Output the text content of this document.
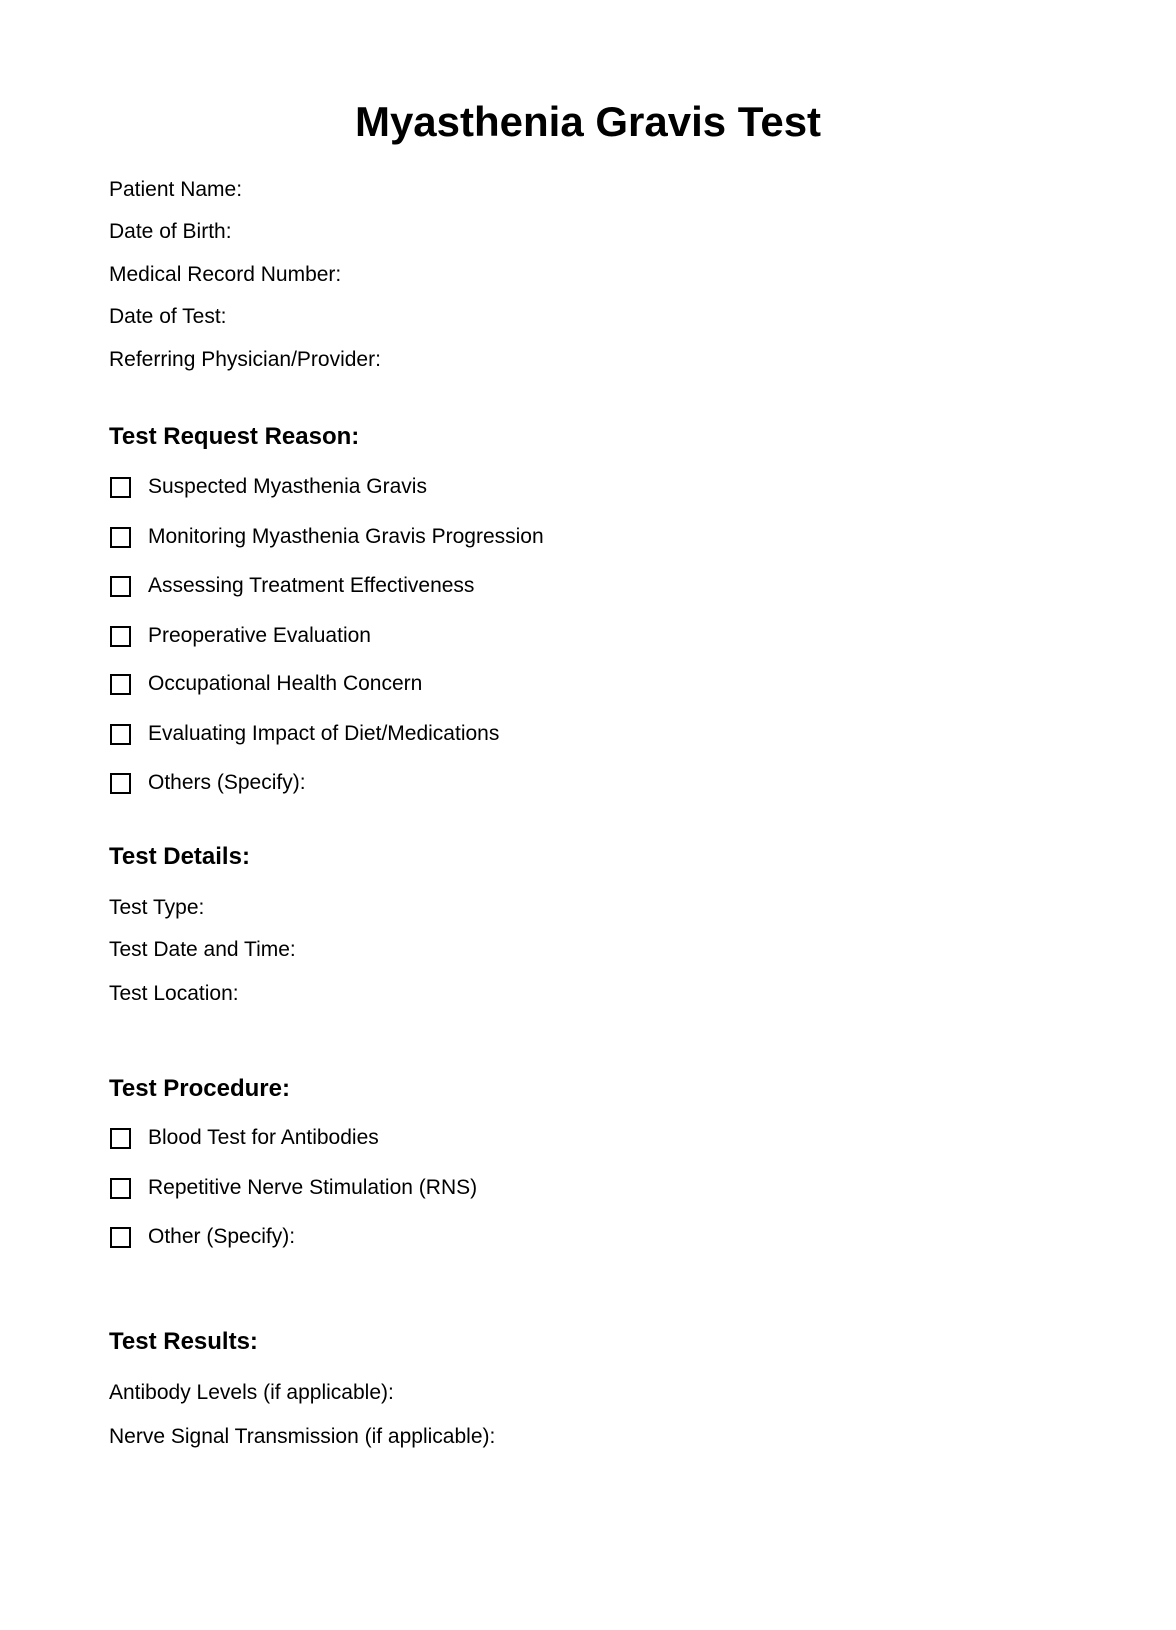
Myasthenia Gravis Test
Patient Name:
Date of Birth:
Medical Record Number:
Date of Test:
Referring Physician/Provider:
Test Request Reason:
Suspected Myasthenia Gravis
Monitoring Myasthenia Gravis Progression
Assessing Treatment Effectiveness
Preoperative Evaluation
Occupational Health Concern
Evaluating Impact of Diet/Medications
Others (Specify):
Test Details:
Test Type:
Test Date and Time:
Test Location:
Test Procedure:
Blood Test for Antibodies
Repetitive Nerve Stimulation (RNS)
Other (Specify):
Test Results:
Antibody Levels (if applicable):
Nerve Signal Transmission (if applicable):
